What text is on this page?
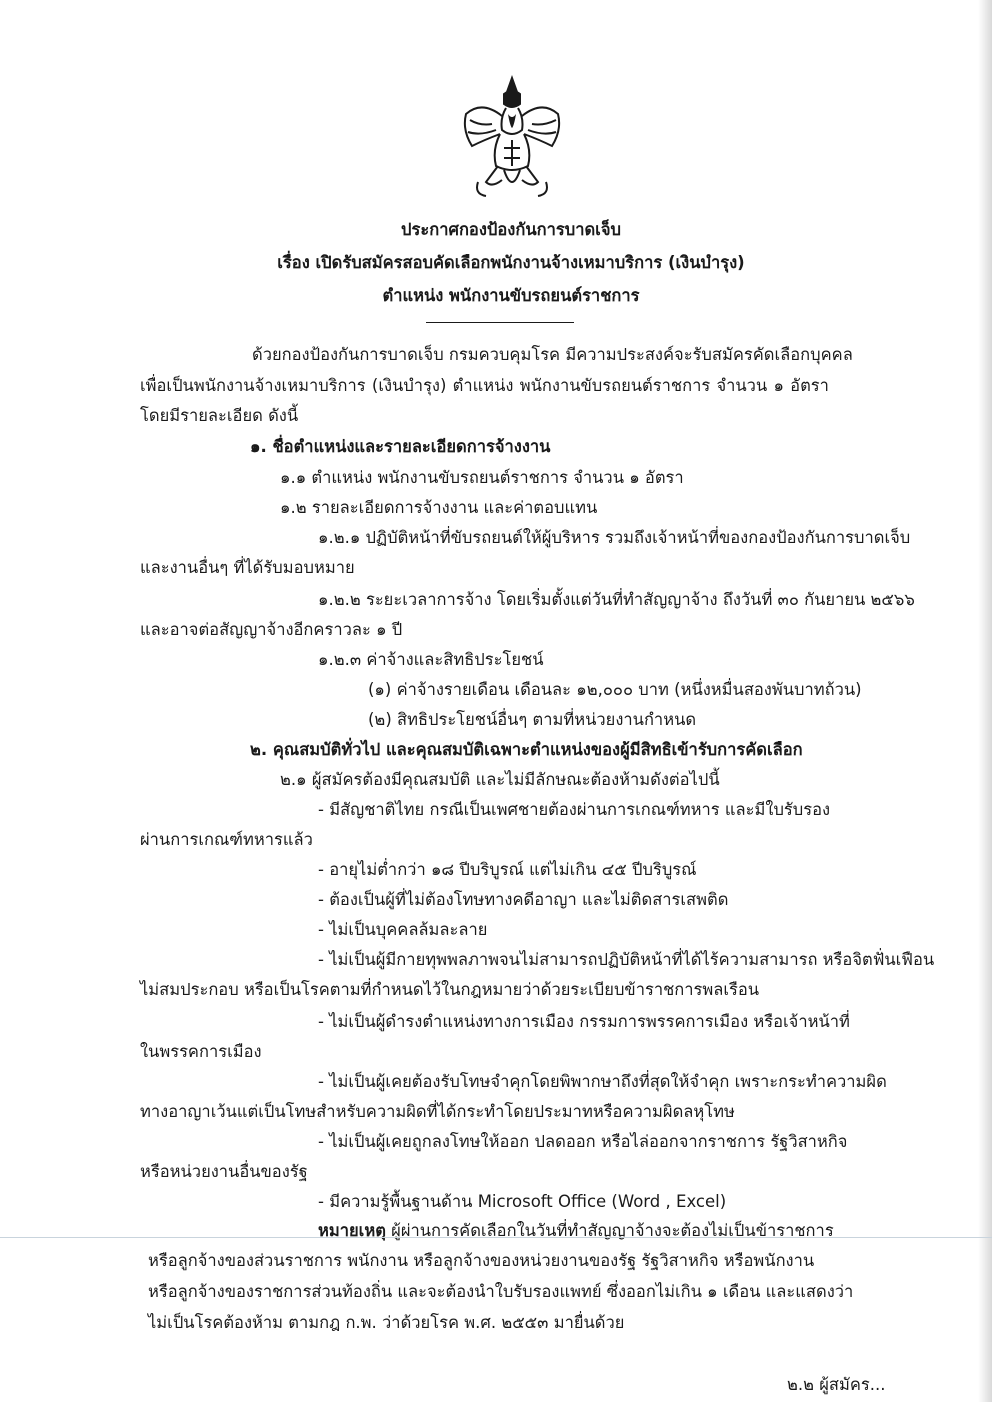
ประกาศกองป้องกันการบาดเจ็บ
เรื่อง เปิดรับสมัครสอบคัดเลือกพนักงานจ้างเหมาบริการ (เงินบำรุง)
ตำแหน่ง พนักงานขับรถยนต์ราชการ
ด้วยกองป้องกันการบาดเจ็บ กรมควบคุมโรค มีความประสงค์จะรับสมัครคัดเลือกบุคคล
เพื่อเป็นพนักงานจ้างเหมาบริการ (เงินบำรุง) ตำแหน่ง พนักงานขับรถยนต์ราชการ จำนวน ๑ อัตรา
โดยมีรายละเอียด ดังนี้
๑. ชื่อตำแหน่งและรายละเอียดการจ้างงาน
๑.๑ ตำแหน่ง พนักงานขับรถยนต์ราชการ จำนวน ๑ อัตรา
๑.๒ รายละเอียดการจ้างงาน และค่าตอบแทน
๑.๒.๑ ปฏิบัติหน้าที่ขับรถยนต์ให้ผู้บริหาร รวมถึงเจ้าหน้าที่ของกองป้องกันการบาดเจ็บ
และงานอื่นๆ ที่ได้รับมอบหมาย
๑.๒.๒ ระยะเวลาการจ้าง โดยเริ่มตั้งแต่วันที่ทำสัญญาจ้าง ถึงวันที่ ๓๐ กันยายน ๒๕๖๖
และอาจต่อสัญญาจ้างอีกคราวละ ๑ ปี
๑.๒.๓ ค่าจ้างและสิทธิประโยชน์
(๑) ค่าจ้างรายเดือน เดือนละ ๑๒,๐๐๐ บาท (หนึ่งหมื่นสองพันบาทถ้วน)
(๒) สิทธิประโยชน์อื่นๆ ตามที่หน่วยงานกำหนด
๒. คุณสมบัติทั่วไป และคุณสมบัติเฉพาะตำแหน่งของผู้มีสิทธิเข้ารับการคัดเลือก
๒.๑ ผู้สมัครต้องมีคุณสมบัติ และไม่มีลักษณะต้องห้ามดังต่อไปนี้
- มีสัญชาติไทย กรณีเป็นเพศชายต้องผ่านการเกณฑ์ทหาร และมีใบรับรอง
ผ่านการเกณฑ์ทหารแล้ว
- อายุไม่ต่ำกว่า ๑๘ ปีบริบูรณ์ แต่ไม่เกิน ๔๕ ปีบริบูรณ์
- ต้องเป็นผู้ที่ไม่ต้องโทษทางคดีอาญา และไม่ติดสารเสพติด
- ไม่เป็นบุคคลล้มละลาย
- ไม่เป็นผู้มีกายทุพพลภาพจนไม่สามารถปฏิบัติหน้าที่ได้ไร้ความสามารถ หรือจิตฟั่นเฟือน
ไม่สมประกอบ หรือเป็นโรคตามที่กำหนดไว้ในกฎหมายว่าด้วยระเบียบข้าราชการพลเรือน
- ไม่เป็นผู้ดำรงตำแหน่งทางการเมือง กรรมการพรรคการเมือง หรือเจ้าหน้าที่
ในพรรคการเมือง
- ไม่เป็นผู้เคยต้องรับโทษจำคุกโดยพิพากษาถึงที่สุดให้จำคุก เพราะกระทำความผิด
ทางอาญาเว้นแต่เป็นโทษสำหรับความผิดที่ได้กระทำโดยประมาทหรือความผิดลหุโทษ
- ไม่เป็นผู้เคยถูกลงโทษให้ออก ปลดออก หรือไล่ออกจากราชการ รัฐวิสาหกิจ
หรือหน่วยงานอื่นของรัฐ
- มีความรู้พื้นฐานด้าน Microsoft Office (Word , Excel)
หมายเหตุ ผู้ผ่านการคัดเลือกในวันที่ทำสัญญาจ้างจะต้องไม่เป็นข้าราชการ
หรือลูกจ้างของส่วนราชการ พนักงาน หรือลูกจ้างของหน่วยงานของรัฐ รัฐวิสาหกิจ หรือพนักงาน
หรือลูกจ้างของราชการส่วนท้องถิ่น และจะต้องนำใบรับรองแพทย์ ซึ่งออกไม่เกิน ๑ เดือน และแสดงว่า
ไม่เป็นโรคต้องห้าม ตามกฎ ก.พ. ว่าด้วยโรค พ.ศ. ๒๕๕๓ มายื่นด้วย
๒.๒ ผู้สมัคร...
